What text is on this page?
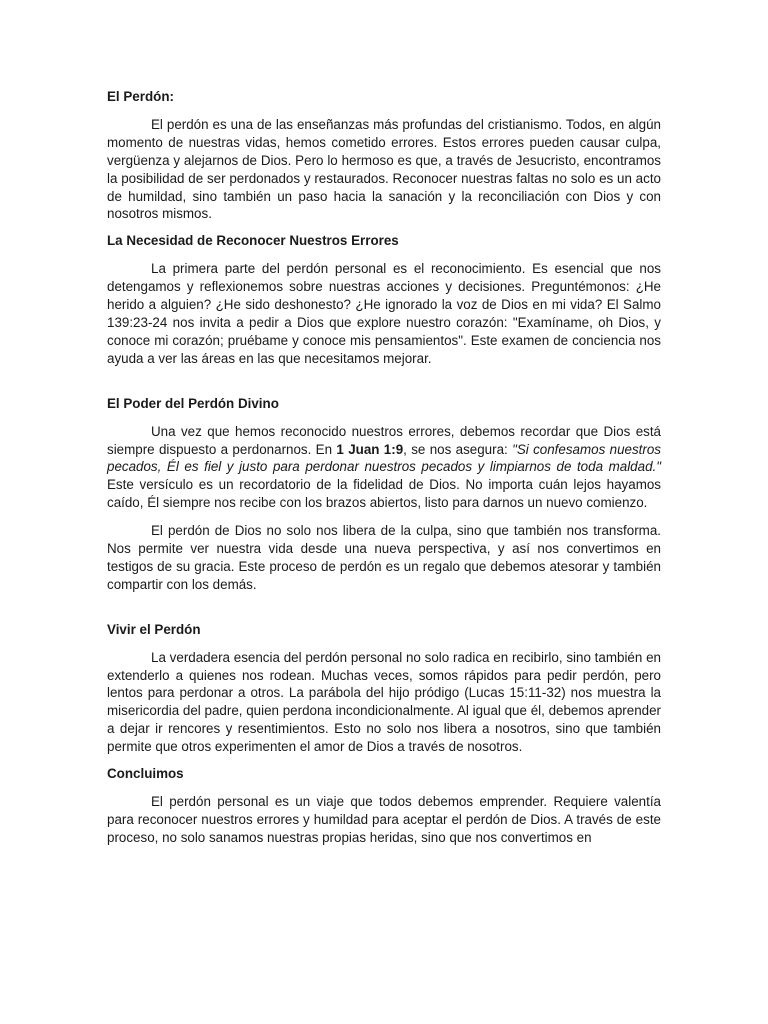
El Perdón:

El perdón es una de las enseñanzas más profundas del cristianismo. Todos, en algún momento de nuestras vidas, hemos cometido errores. Estos errores pueden causar culpa, vergüenza y alejarnos de Dios. Pero lo hermoso es que, a través de Jesucristo, encontramos la posibilidad de ser perdonados y restaurados. Reconocer nuestras faltas no solo es un acto de humildad, sino también un paso hacia la sanación y la reconciliación con Dios y con nosotros mismos.

La Necesidad de Reconocer Nuestros Errores

La primera parte del perdón personal es el reconocimiento. Es esencial que nos detengamos y reflexionemos sobre nuestras acciones y decisiones. Preguntémonos: ¿He herido a alguien? ¿He sido deshonesto? ¿He ignorado la voz de Dios en mi vida? El Salmo 139:23-24 nos invita a pedir a Dios que explore nuestro corazón: "Examíname, oh Dios, y conoce mi corazón; pruébame y conoce mis pensamientos". Este examen de conciencia nos ayuda a ver las áreas en las que necesitamos mejorar.

El Poder del Perdón Divino

Una vez que hemos reconocido nuestros errores, debemos recordar que Dios está siempre dispuesto a perdonarnos. En 1 Juan 1:9, se nos asegura: "Si confesamos nuestros pecados, Él es fiel y justo para perdonar nuestros pecados y limpiarnos de toda maldad." Este versículo es un recordatorio de la fidelidad de Dios. No importa cuán lejos hayamos caído, Él siempre nos recibe con los brazos abiertos, listo para darnos un nuevo comienzo.

El perdón de Dios no solo nos libera de la culpa, sino que también nos transforma. Nos permite ver nuestra vida desde una nueva perspectiva, y así nos convertimos en testigos de su gracia. Este proceso de perdón es un regalo que debemos atesorar y también compartir con los demás.

Vivir el Perdón

La verdadera esencia del perdón personal no solo radica en recibirlo, sino también en extenderlo a quienes nos rodean. Muchas veces, somos rápidos para pedir perdón, pero lentos para perdonar a otros. La parábola del hijo pródigo (Lucas 15:11-32) nos muestra la misericordia del padre, quien perdona incondicionalmente. Al igual que él, debemos aprender a dejar ir rencores y resentimientos. Esto no solo nos libera a nosotros, sino que también permite que otros experimenten el amor de Dios a través de nosotros.

Concluimos

El perdón personal es un viaje que todos debemos emprender. Requiere valentía para reconocer nuestros errores y humildad para aceptar el perdón de Dios. A través de este proceso, no solo sanamos nuestras propias heridas, sino que nos convertimos en
